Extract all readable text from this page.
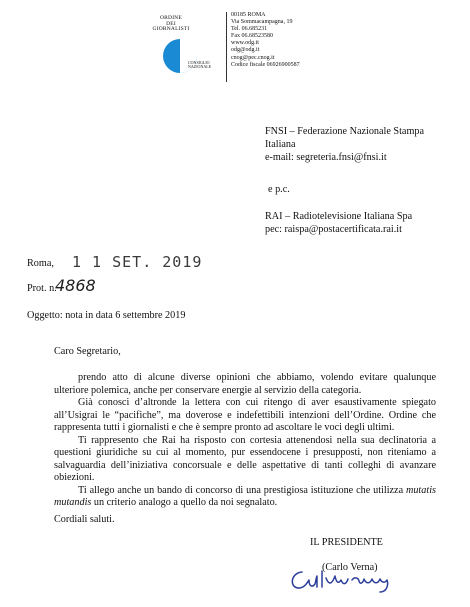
ORDINE
DEI
GIORNALISTI
CONSIGLIO
NAZIONALE
00185 ROMA
Via Sommacampagna, 19
Tel. 06.685231
Fax 06.68523580
www.odg.it
odg@odg.it
cnog@pec.cnog.it
Codice fiscale 06926900587
FNSI – Federazione Nazionale Stampa
Italiana
e-mail: segreteria.fnsi@fnsi.it
e p.c.
RAI – Radiotelevisione Italiana Spa
pec: raispa@postacertificata.rai.it
Roma, 1 1 SET. 2019
Prot. n.
4868
Oggetto: nota in data 6 settembre 2019
Caro Segretario,

prendo atto di alcune diverse opinioni che abbiamo, volendo evitare qualunque ulteriore polemica, anche per conservare energie al servizio della categoria.

Già conosci d’altronde la lettera con cui ritengo di aver esaustivamente spiegato all’Usigrai le “pacifiche”, ma doverose e indefettibili intenzioni dell’Ordine. Ordine che rappresenta tutti i giornalisti e che è sempre pronto ad ascoltare le voci degli ultimi.

Ti rappresento che Rai ha risposto con cortesia attenendosi nella sua declinatoria a questioni giuridiche su cui al momento, pur essendocene i presupposti, non riteniamo a salvaguardia dell’iniziativa concorsuale e delle aspettative di tanti colleghi di avanzare obiezioni.

Ti allego anche un bando di concorso di una prestigiosa istituzione che utilizza mutatis mutandis un criterio analogo a quello da noi segnalato.

Cordiali saluti.
IL PRESIDENTE
(Carlo Verna)
